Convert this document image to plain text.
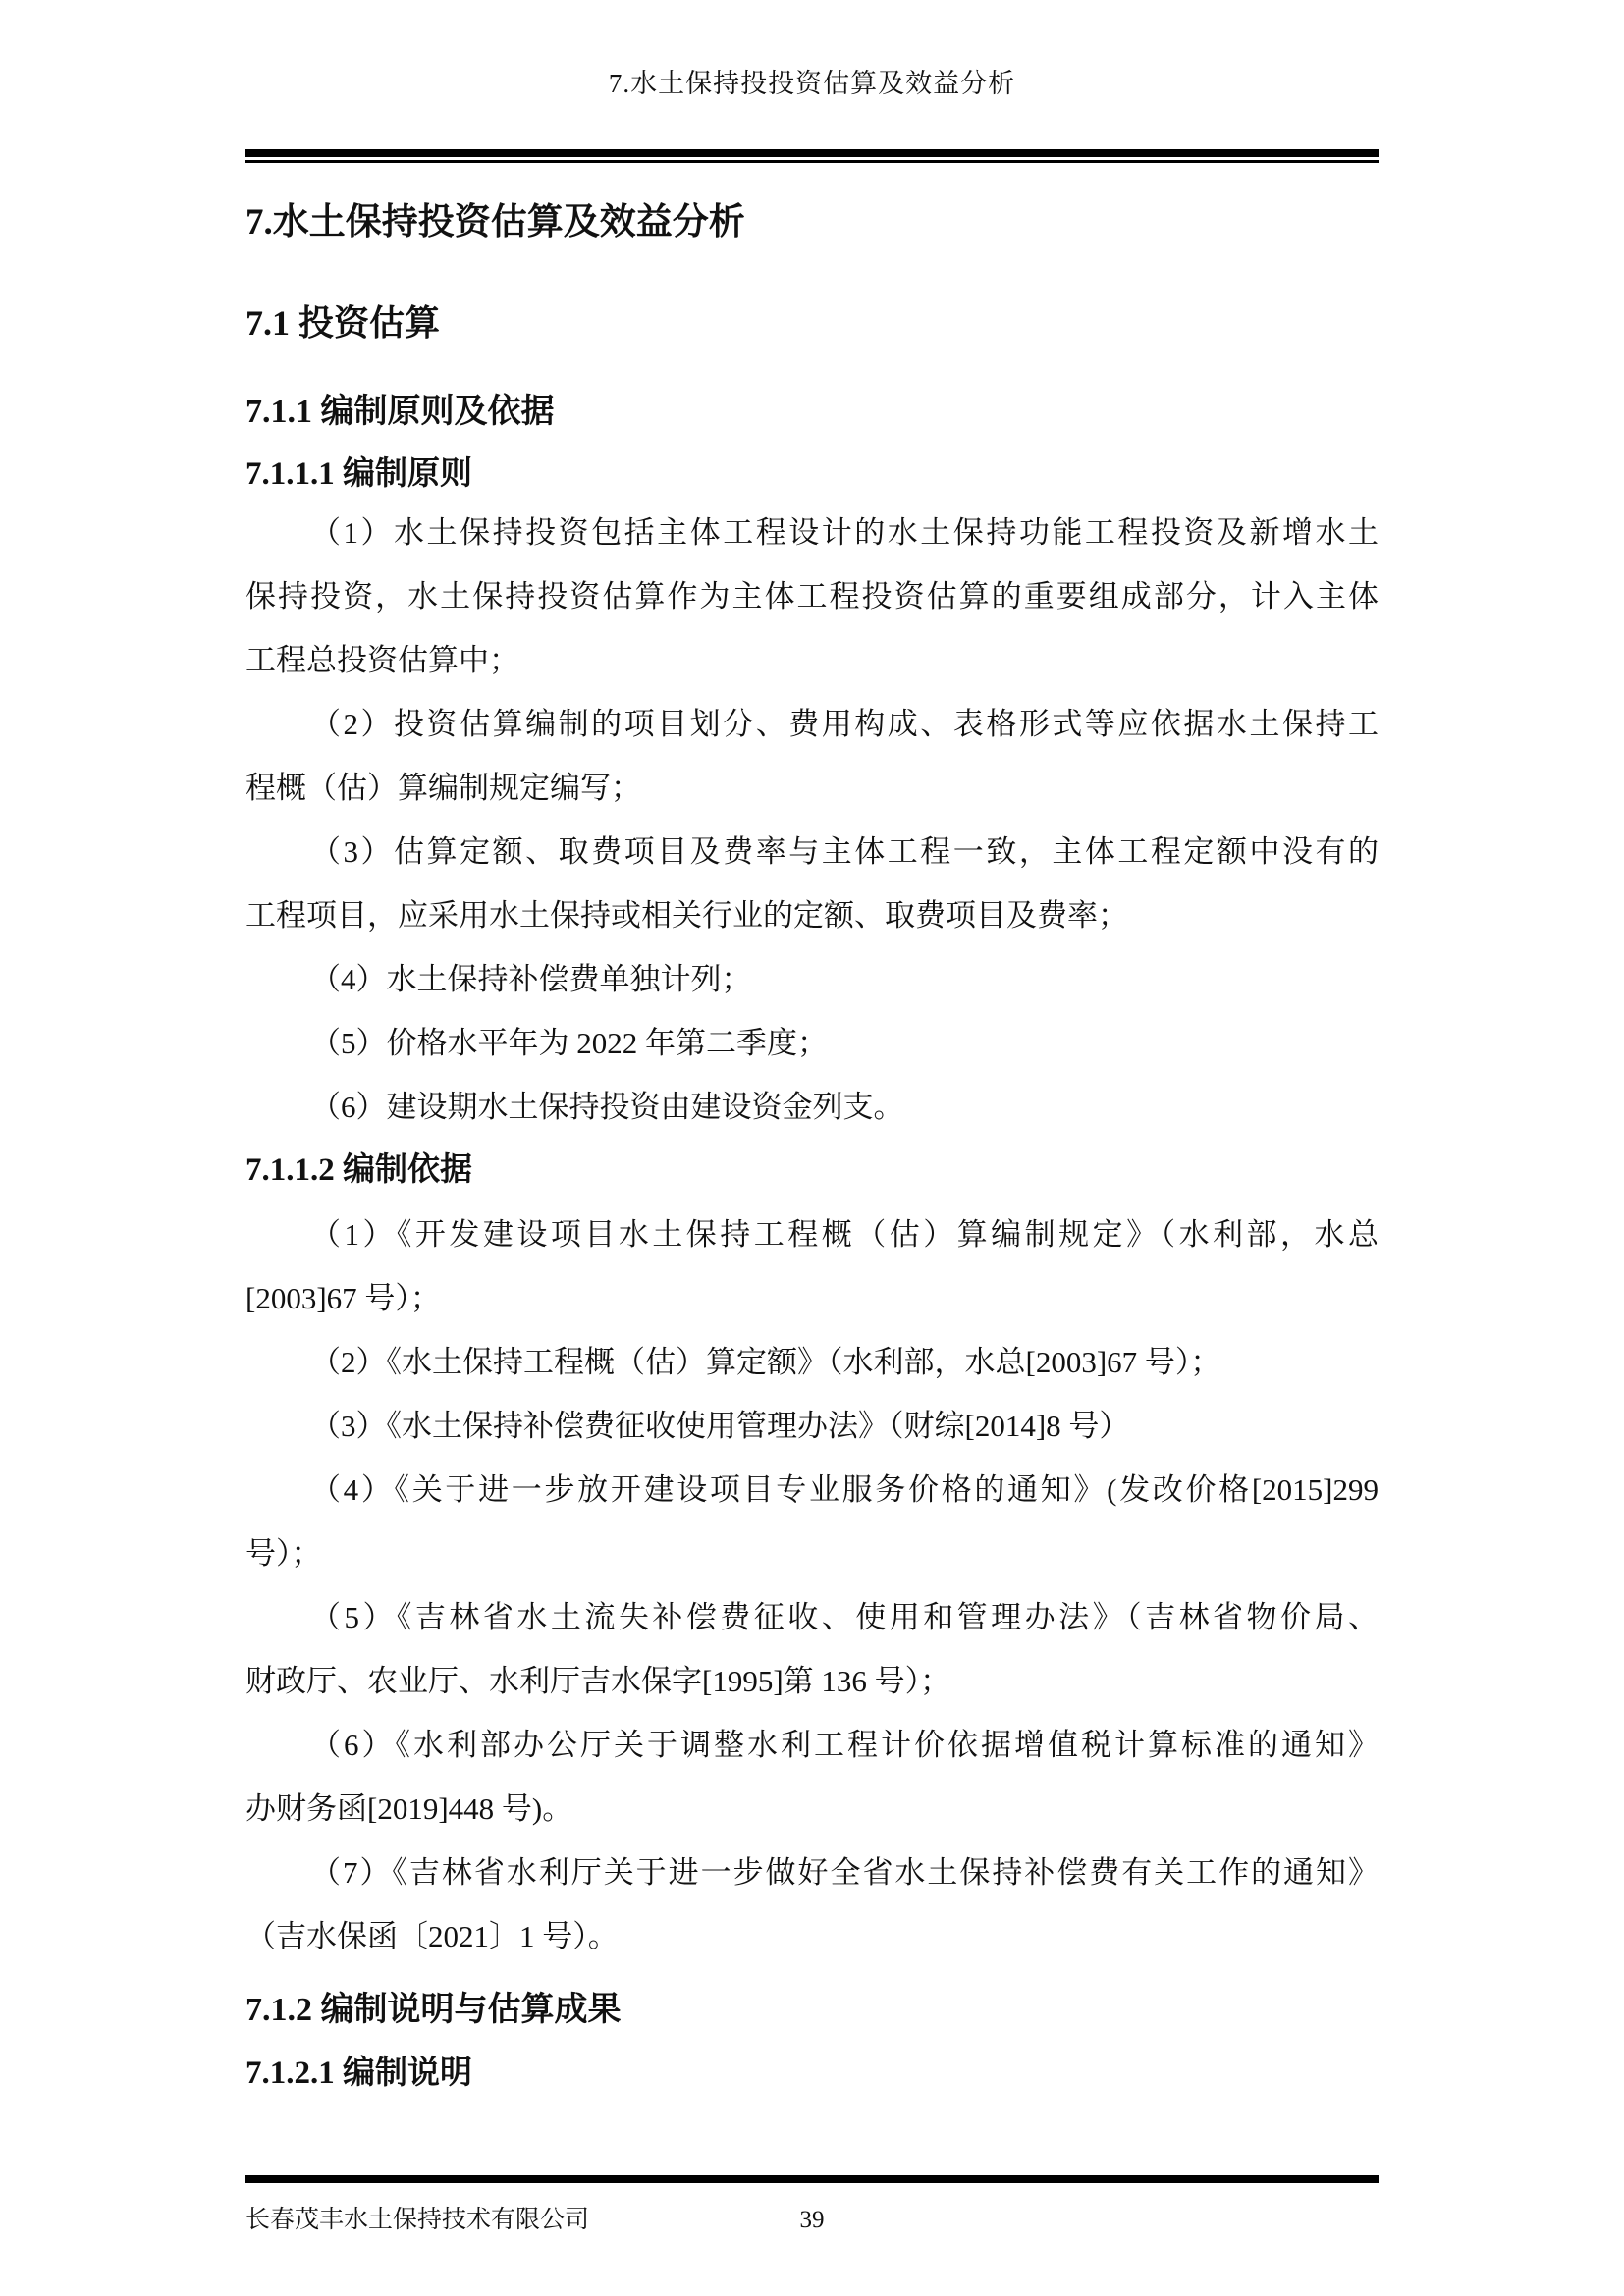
7.水土保持投投资估算及效益分析
7.水土保持投资估算及效益分析
7.1 投资估算
7.1.1 编制原则及依据
7.1.1.1 编制原则
（1）水土保持投资包括主体工程设计的水土保持功能工程投资及新增水土
保持投资，水土保持投资估算作为主体工程投资估算的重要组成部分，计入主体
工程总投资估算中；
（2）投资估算编制的项目划分、费用构成、表格形式等应依据水土保持工
程概（估）算编制规定编写；
（3）估算定额、取费项目及费率与主体工程一致，主体工程定额中没有的
工程项目，应采用水土保持或相关行业的定额、取费项目及费率；
（4）水土保持补偿费单独计列；
（5）价格水平年为 2022 年第二季度；
（6）建设期水土保持投资由建设资金列支。
7.1.1.2 编制依据
（1）《开发建设项目水土保持工程概（估）算编制规定》（水利部，水总
[2003]67 号）；
（2）《水土保持工程概（估）算定额》（水利部，水总[2003]67 号）；
（3）《水土保持补偿费征收使用管理办法》（财综[2014]8 号）
（4）《关于进一步放开建设项目专业服务价格的通知》(发改价格[2015]299
号）；
（5）《吉林省水土流失补偿费征收、使用和管理办法》（吉林省物价局、
财政厅、农业厅、水利厅吉水保字[1995]第 136 号）；
（6）《水利部办公厅关于调整水利工程计价依据增值税计算标准的通知》
办财务函[2019]448 号)。
（7）《吉林省水利厅关于进一步做好全省水土保持补偿费有关工作的通知》
（吉水保函〔2021〕1 号）。
7.1.2 编制说明与估算成果
7.1.2.1 编制说明
长春茂丰水土保持技术有限公司	39
